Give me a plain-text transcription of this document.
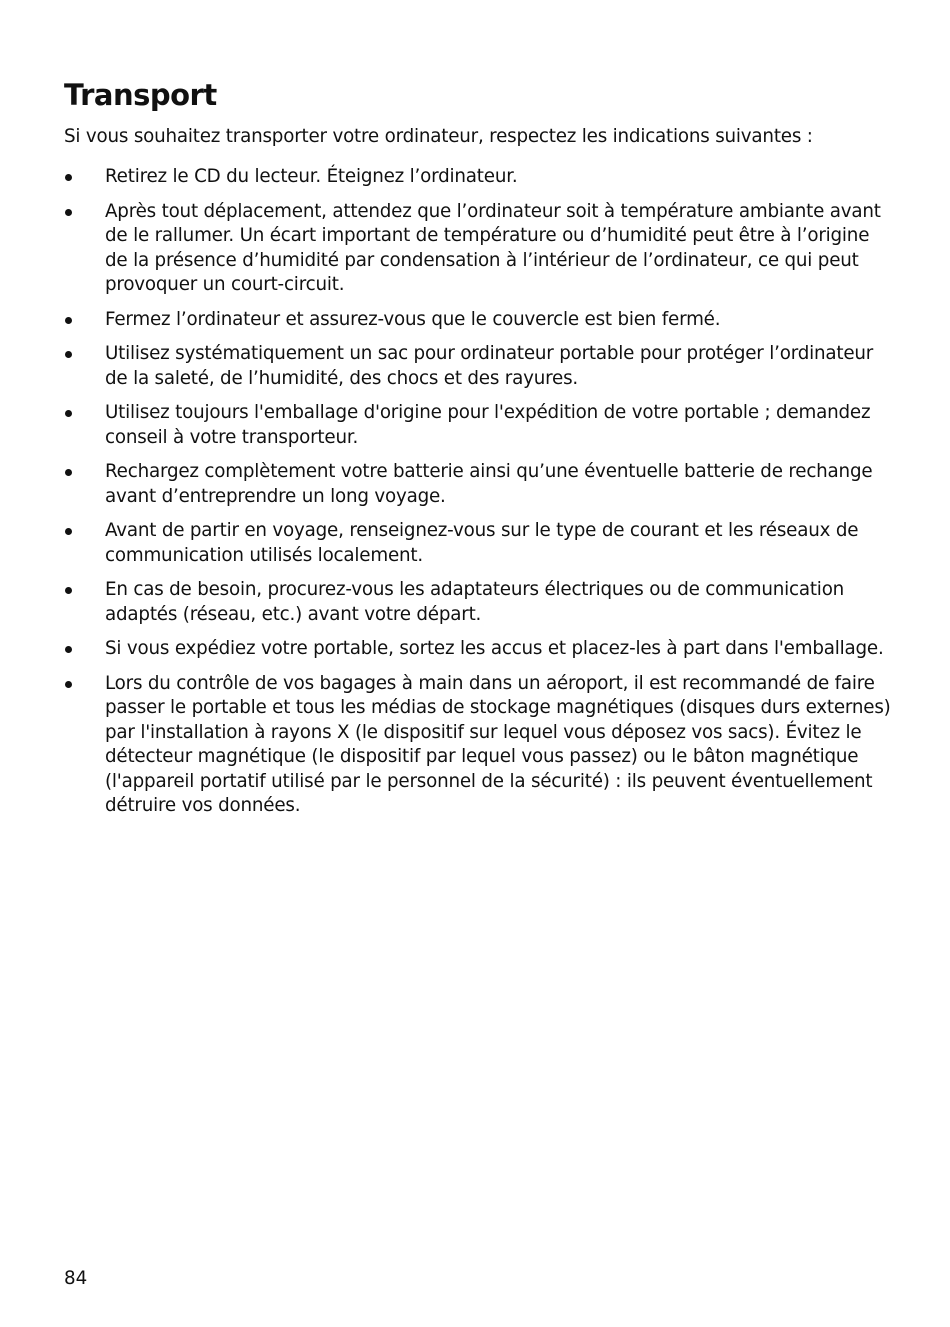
Transport

Si vous souhaitez transporter votre ordinateur, respectez les indications suivantes :

Retirez le CD du lecteur. Éteignez l’ordinateur.
Après tout déplacement, attendez que l’ordinateur soit à température ambiante avant de le rallumer. Un écart important de température ou d’humidité peut être à l’origine de la présence d’humidité par condensation à l’intérieur de l’ordinateur, ce qui peut provoquer un court-circuit.
Fermez l’ordinateur et assurez-vous que le couvercle est bien fermé.
Utilisez systématiquement un sac pour ordinateur portable pour protéger l’ordinateur de la saleté, de l’humidité, des chocs et des rayures.
Utilisez toujours l'emballage d'origine pour l'expédition de votre portable ; demandez conseil à votre transporteur.
Rechargez complètement votre batterie ainsi qu’une éventuelle batterie de rechange avant d’entreprendre un long voyage.
Avant de partir en voyage, renseignez-vous sur le type de courant et les réseaux de communication utilisés localement.
En cas de besoin, procurez-vous les adaptateurs électriques ou de communication adaptés (réseau, etc.) avant votre départ.
Si vous expédiez votre portable, sortez les accus et placez-les à part dans l'emballage.
Lors du contrôle de vos bagages à main dans un aéroport, il est recommandé de faire passer le portable et tous les médias de stockage magnétiques (disques durs externes) par l'installation à rayons X (le dispositif sur lequel vous déposez vos sacs). Évitez le détecteur magnétique (le dispositif par lequel vous passez) ou le bâton magnétique (l'appareil portatif utilisé par le personnel de la sécurité) : ils peuvent éventuellement détruire vos données.

84
